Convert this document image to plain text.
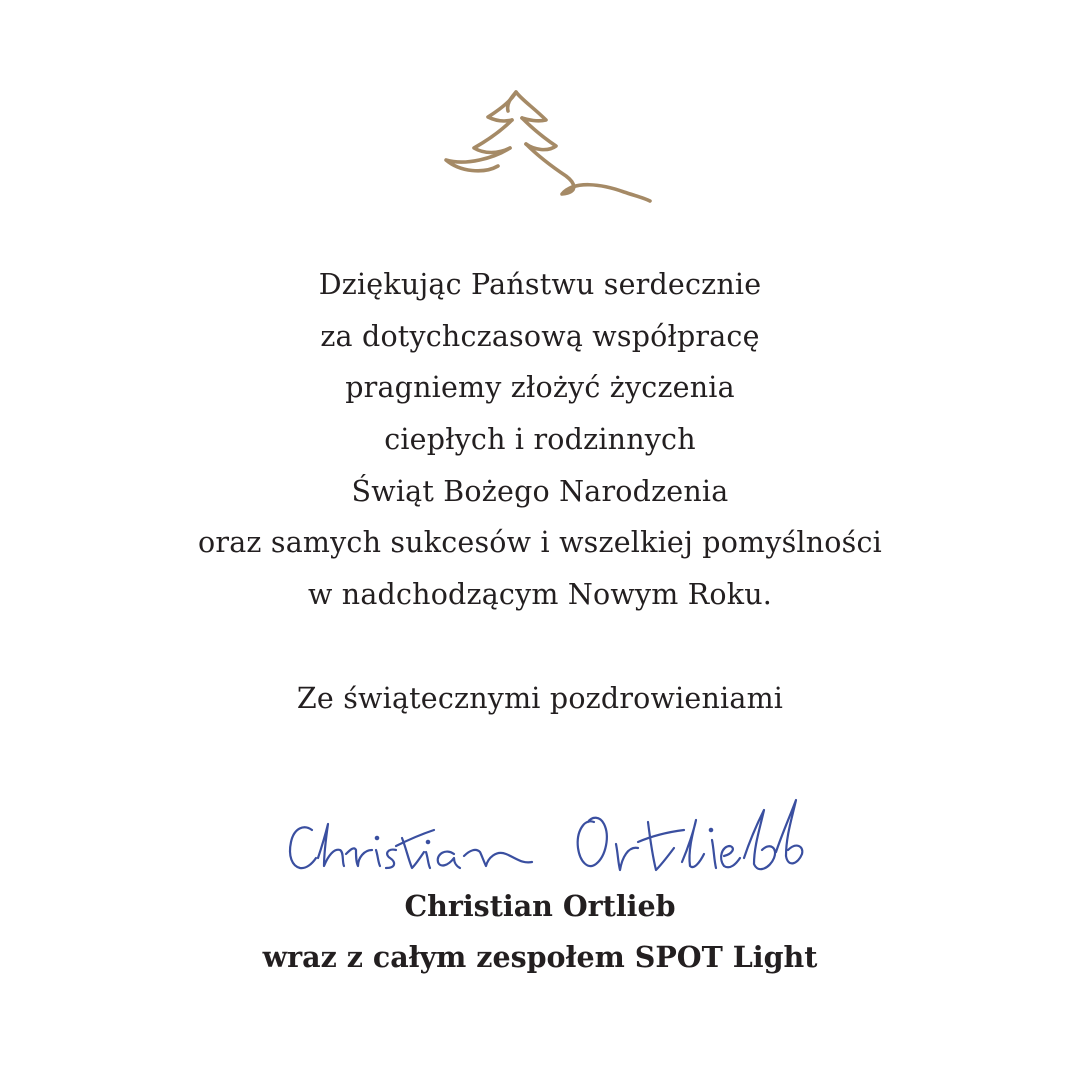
Dziękując Państwu serdecznie
za dotychczasową współpracę
pragniemy złożyć życzenia
ciepłych i rodzinnych
Świąt Bożego Narodzenia
oraz samych sukcesów i wszelkiej pomyślności
w nadchodzącym Nowym Roku.
Ze świątecznymi pozdrowieniami
Christian Ortlieb
wraz z całym zespołem SPOT Light
